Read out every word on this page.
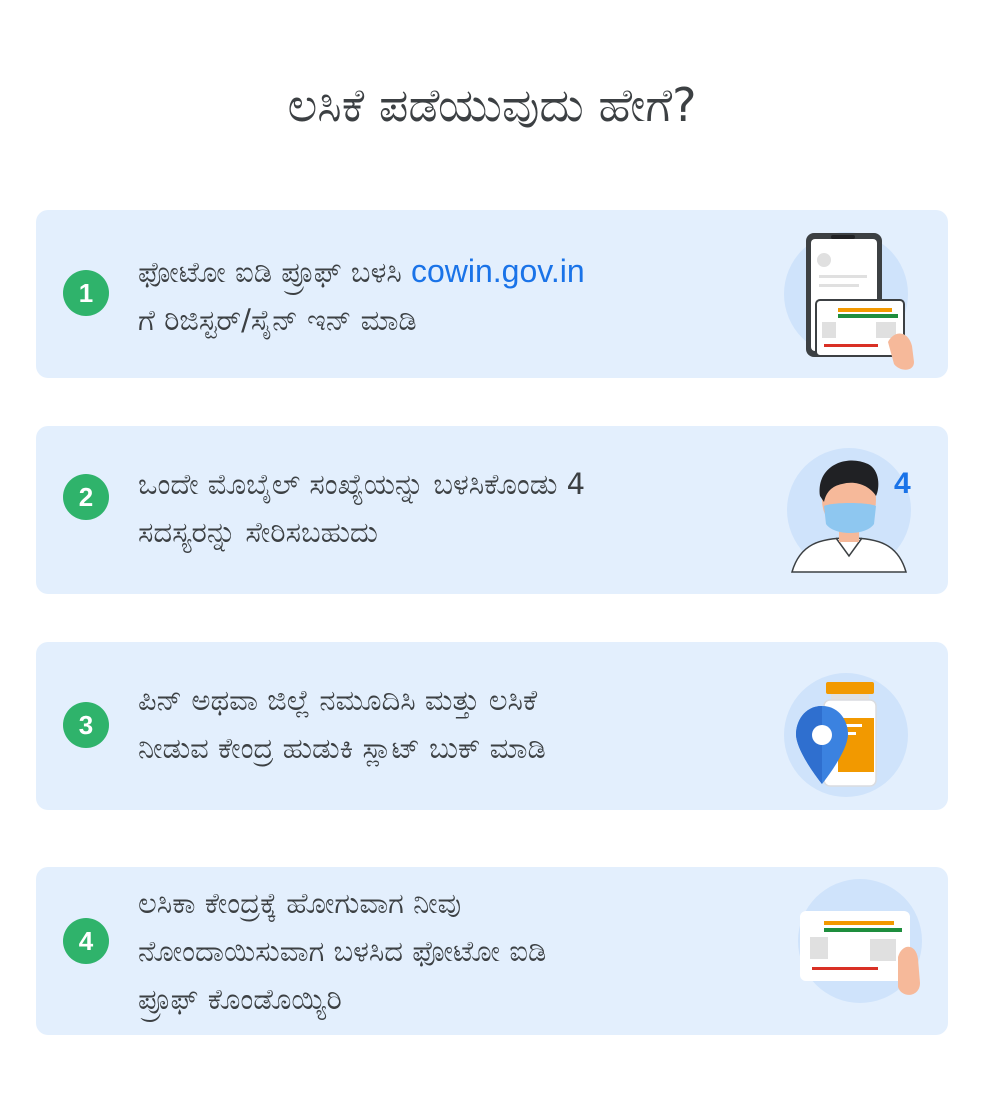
ಲಸಿಕೆ ಪಡೆಯುವುದು ಹೇಗೆ?
1
ಫೋಟೋ ಐಡಿ ಪ್ರೂಫ್ ಬಳಸಿ cowin.gov.in
ಗೆ ರಿಜಿಸ್ಟರ್/ಸೈನ್ ಇನ್ ಮಾಡಿ
2	ಒಂದೇ ಮೊಬೈಲ್ ಸಂಖ್ಯೆಯನ್ನು ಬಳಸಿಕೊಂಡು 4
ಸದಸ್ಯರನ್ನು ಸೇರಿಸಬಹುದು
4
3
ಪಿನ್ ಅಥವಾ ಜಿಲ್ಲೆ ನಮೂದಿಸಿ ಮತ್ತು ಲಸಿಕೆ
ನೀಡುವ ಕೇಂದ್ರ ಹುಡುಕಿ ಸ್ಲಾಟ್ ಬುಕ್ ಮಾಡಿ
4
ಲಸಿಕಾ ಕೇಂದ್ರಕ್ಕೆ ಹೋಗುವಾಗ ನೀವು
ನೋಂದಾಯಿಸುವಾಗ ಬಳಸಿದ ಫೋಟೋ ಐಡಿ
ಪ್ರೂಫ್ ಕೊಂಡೊಯ್ಯಿರಿ
